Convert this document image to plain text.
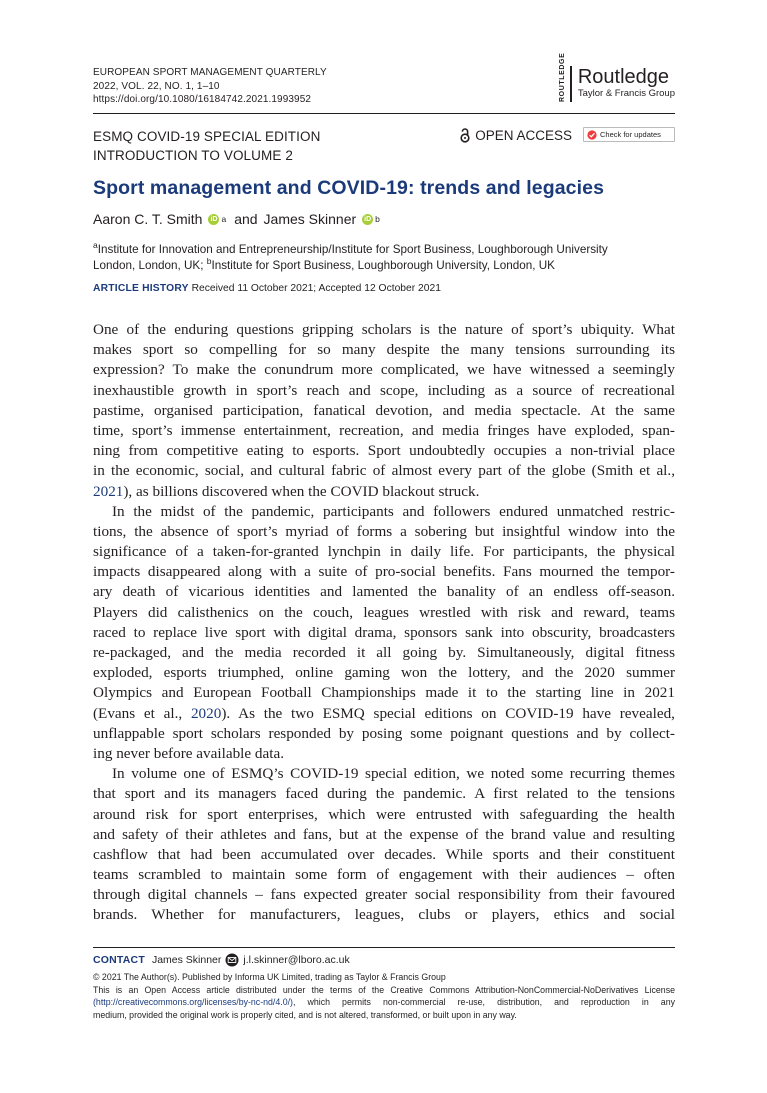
EUROPEAN SPORT MANAGEMENT QUARTERLY
2022, VOL. 22, NO. 1, 1–10
https://doi.org/10.1080/16184742.2021.1993952	ROUTLEDGE Routledge
Taylor & Francis Group
ESMQ COVID-19 SPECIAL EDITION
INTRODUCTION TO VOLUME 2
OPEN ACCESS	Check for updates
Sport management and COVID-19: trends and legacies
Aaron C. T. Smith iD a and James Skinner iD b
$^a$Institute for Innovation and Entrepreneurship/Institute for Sport Business, Loughborough University
London, London, UK; $^b$Institute for Sport Business, Loughborough University, London, UK
ARTICLE HISTORY Received 11 October 2021; Accepted 12 October 2021
One of the enduring questions gripping scholars is the nature of sport’s ubiquity. What
makes sport so compelling for so many despite the many tensions surrounding its
expression? To make the conundrum more complicated, we have witnessed a seemingly
inexhaustible growth in sport’s reach and scope, including as a source of recreational
pastime, organised participation, fanatical devotion, and media spectacle. At the same
time, sport’s immense entertainment, recreation, and media fringes have exploded, span-
ning from competitive eating to esports. Sport undoubtedly occupies a non-trivial place
in the economic, social, and cultural fabric of almost every part of the globe (Smith et al.,
2021), as billions discovered when the COVID blackout struck.
In the midst of the pandemic, participants and followers endured unmatched restric-
tions, the absence of sport’s myriad of forms a sobering but insightful window into the
significance of a taken-for-granted lynchpin in daily life. For participants, the physical
impacts disappeared along with a suite of pro-social benefits. Fans mourned the tempor-
ary death of vicarious identities and lamented the banality of an endless off-season.
Players did calisthenics on the couch, leagues wrestled with risk and reward, teams
raced to replace live sport with digital drama, sponsors sank into obscurity, broadcasters
re-packaged, and the media recorded it all going by. Simultaneously, digital fitness
exploded, esports triumphed, online gaming won the lottery, and the 2020 summer
Olympics and European Football Championships made it to the starting line in 2021
(Evans et al., 2020). As the two ESMQ special editions on COVID-19 have revealed,
unflappable sport scholars responded by posing some poignant questions and by collect-
ing never before available data.
In volume one of ESMQ’s COVID-19 special edition, we noted some recurring themes
that sport and its managers faced during the pandemic. A first related to the tensions
around risk for sport enterprises, which were entrusted with safeguarding the health
and safety of their athletes and fans, but at the expense of the brand value and resulting
cashflow that had been accumulated over decades. While sports and their constituent
teams scrambled to maintain some form of engagement with their audiences – often
through digital channels – fans expected greater social responsibility from their favoured
brands. Whether for manufacturers, leagues, clubs or players, ethics and social
CONTACT James Skinner j.l.skinner@lboro.ac.uk
© 2021 The Author(s). Published by Informa UK Limited, trading as Taylor & Francis Group
This is an Open Access article distributed under the terms of the Creative Commons Attribution-NonCommercial-NoDerivatives License
(http://creativecommons.org/licenses/by-nc-nd/4.0/), which permits non-commercial re-use, distribution, and reproduction in any
medium, provided the original work is properly cited, and is not altered, transformed, or built upon in any way.
